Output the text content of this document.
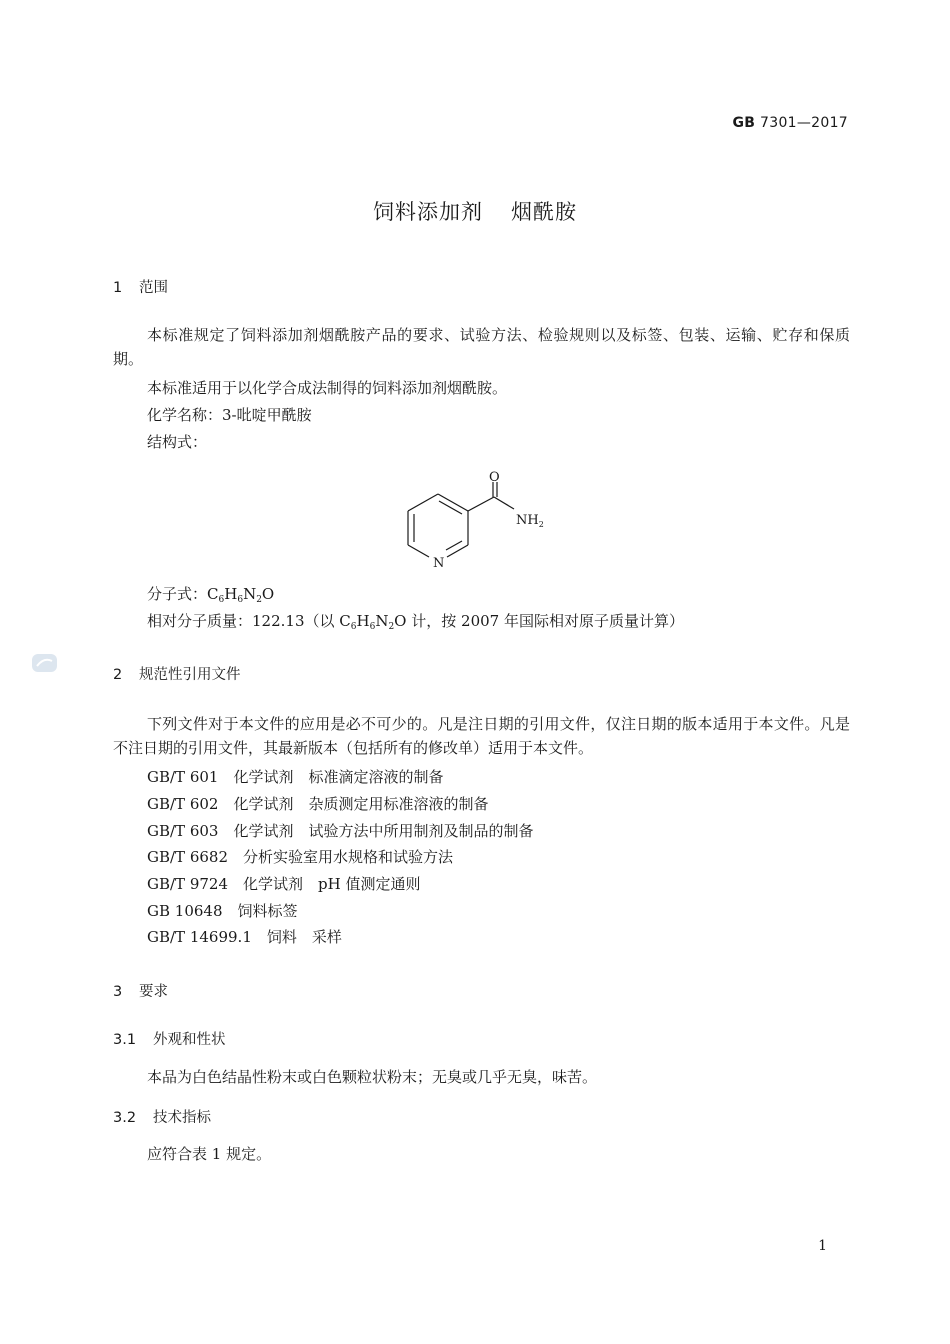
GB 7301—2017
饲料添加剂 烟酰胺
1 范围
本标准规定了饲料添加剂烟酰胺产品的要求、试验方法、检验规则以及标签、包装、运输、贮存和保质期。
本标准适用于以化学合成法制得的饲料添加剂烟酰胺。
化学名称：3-吡啶甲酰胺
结构式：
O
$NH_2$
N
分子式：$C_6H_6N_2O$
相对分子质量：122.13（以 $C_6H_6N_2O$ 计，按 2007 年国际相对原子质量计算）
2 规范性引用文件
下列文件对于本文件的应用是必不可少的。凡是注日期的引用文件，仅注日期的版本适用于本文件。凡是不注日期的引用文件，其最新版本（包括所有的修改单）适用于本文件。
GB/T 601　化学试剂　标准滴定溶液的制备
GB/T 602　化学试剂　杂质测定用标准溶液的制备
GB/T 603　化学试剂　试验方法中所用制剂及制品的制备
GB/T 6682　分析实验室用水规格和试验方法
GB/T 9724　化学试剂　pH 值测定通则
GB 10648　饲料标签
GB/T 14699.1　饲料　采样
3 要求
3.1 外观和性状
本品为白色结晶性粉末或白色颗粒状粉末；无臭或几乎无臭，味苦。
3.2 技术指标
应符合表 1 规定。
1
